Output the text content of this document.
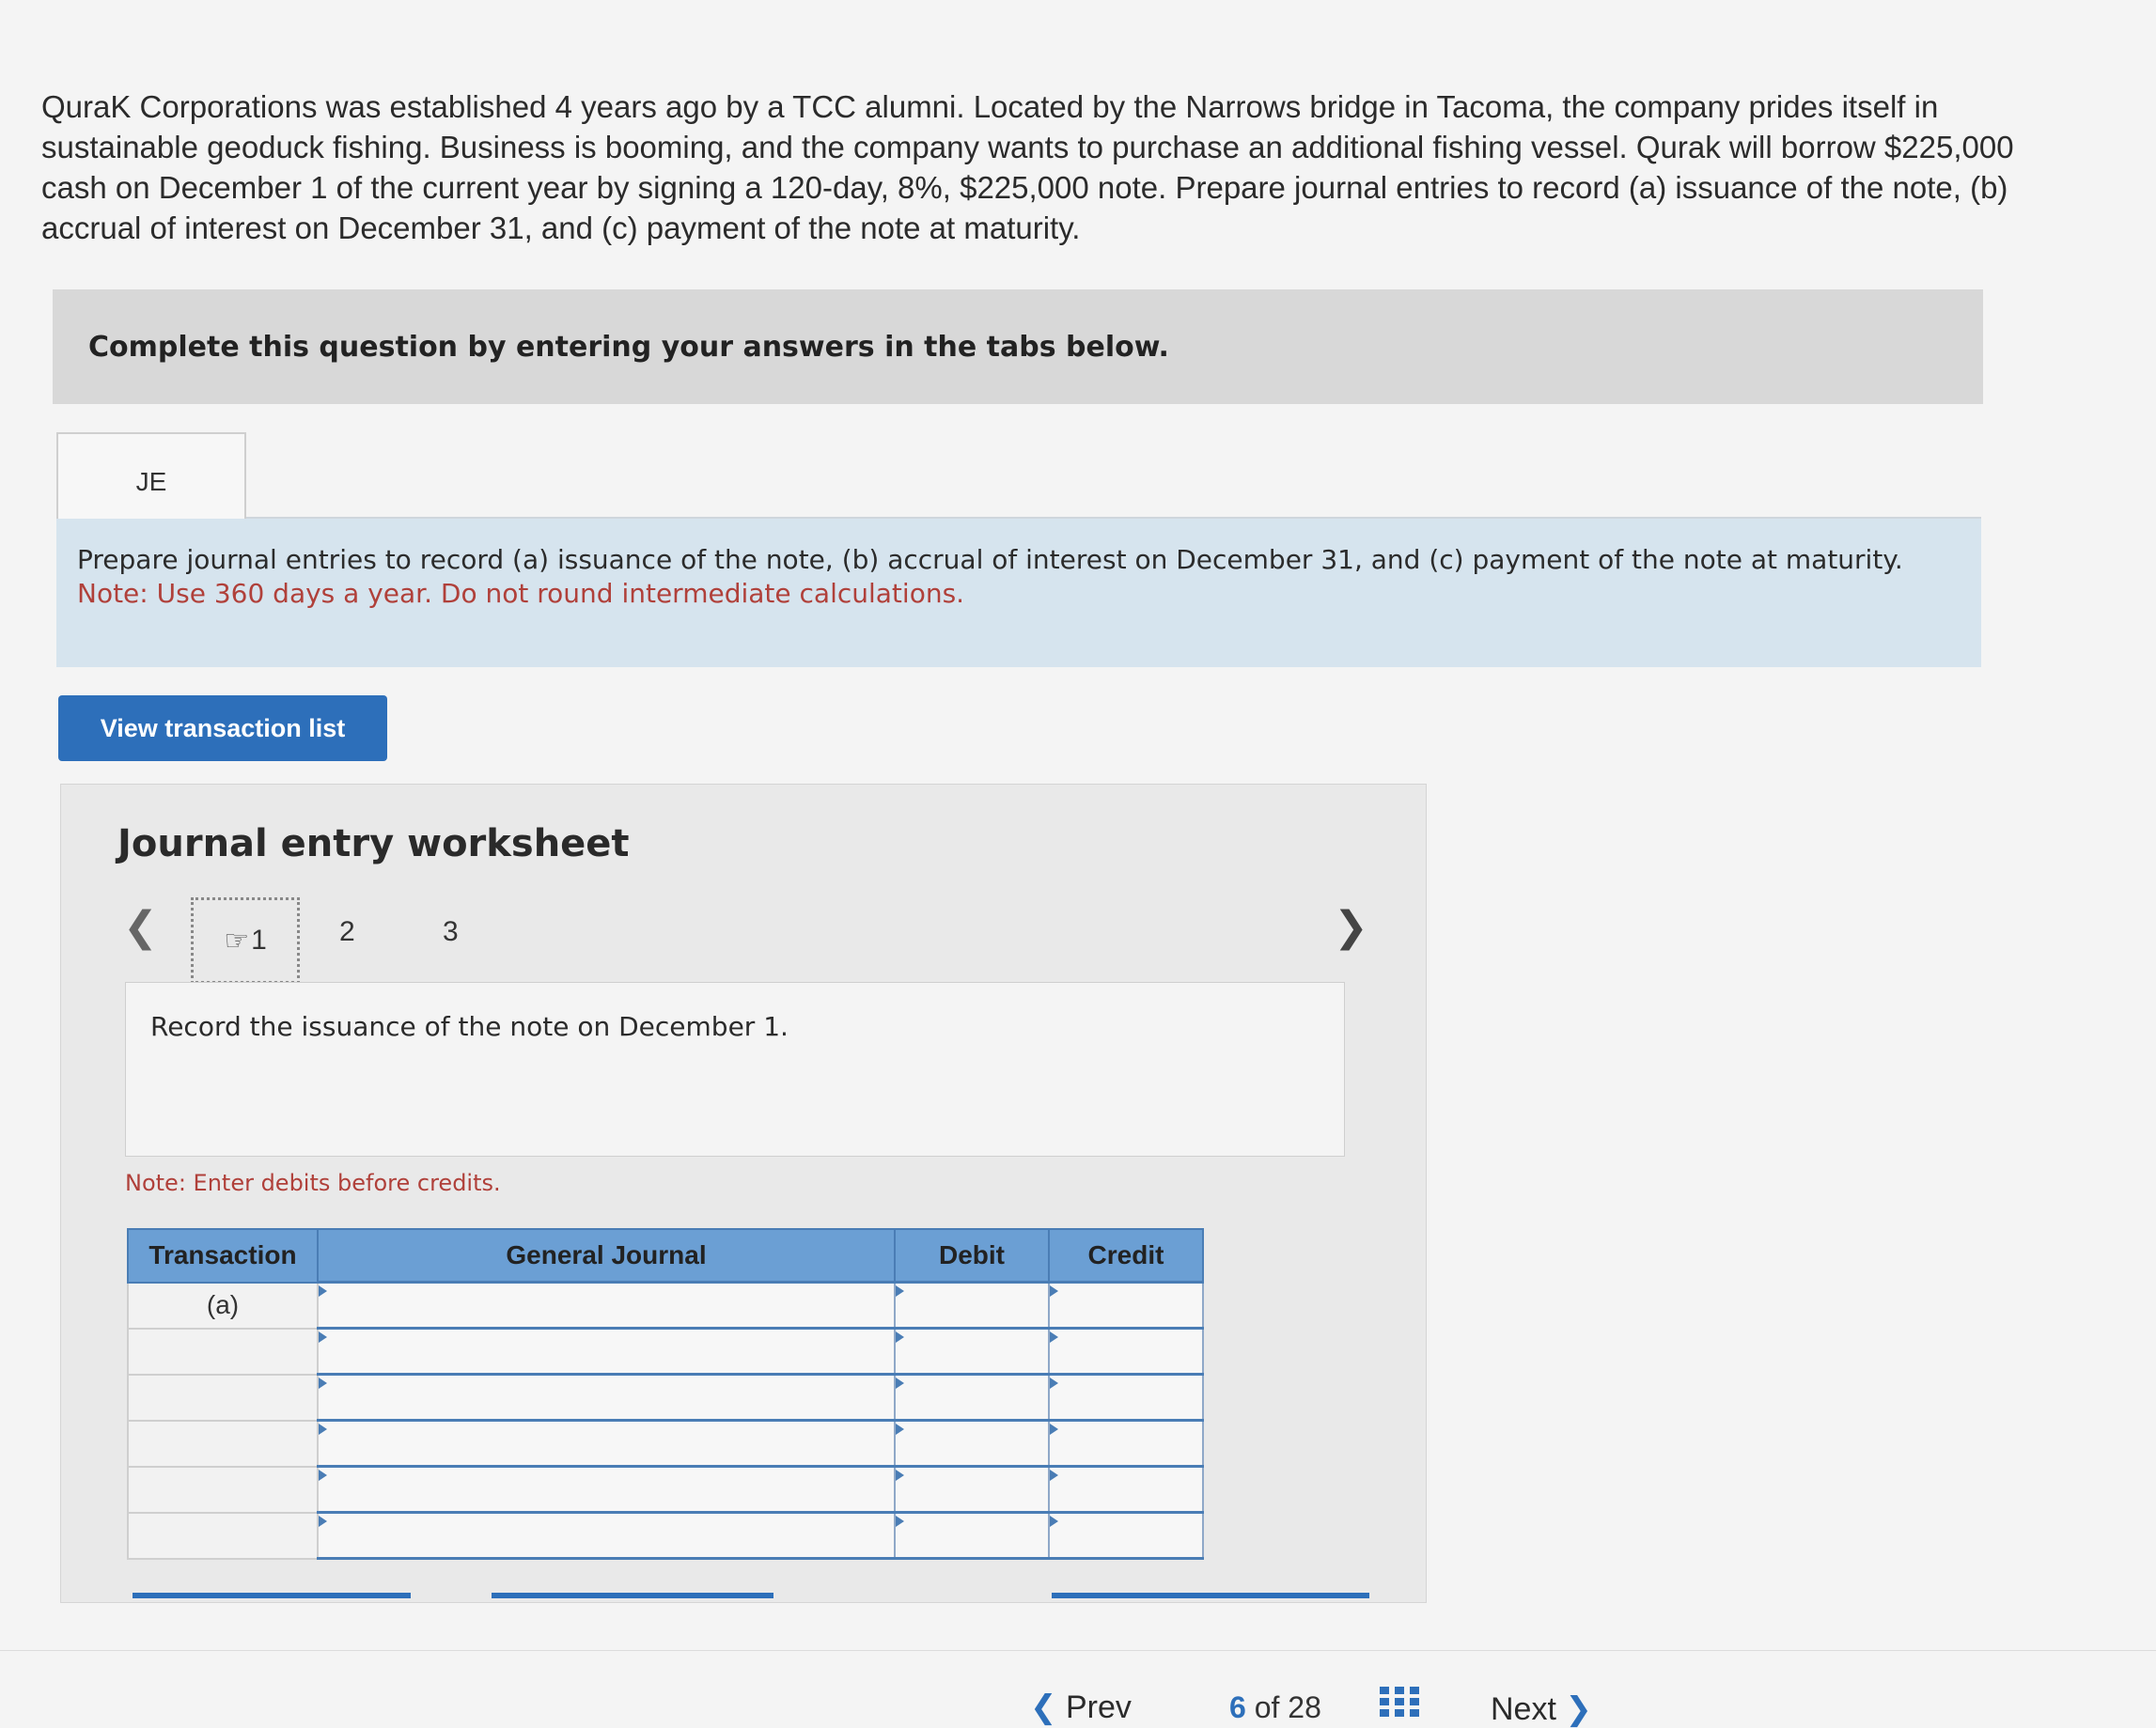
QuraK Corporations was established 4 years ago by a TCC alumni. Located by the Narrows bridge in Tacoma, the company prides itself in sustainable geoduck fishing. Business is booming, and the company wants to purchase an additional fishing vessel. Qurak will borrow $225,000 cash on December 1 of the current year by signing a 120-day, 8%, $225,000 note. Prepare journal entries to record (a) issuance of the note, (b) accrual of interest on December 31, and (c) payment of the note at maturity.
Complete this question by entering your answers in the tabs below.
JE
Prepare journal entries to record (a) issuance of the note, (b) accrual of interest on December 31, and (c) payment of the note at maturity.
Note: Use 360 days a year. Do not round intermediate calculations.
View transaction list
Journal entry worksheet
❮ ☞ 1	2	3	❯
Record the issuance of the note on December 1.
Note: Enter debits before credits.
Transaction	General Journal	Debit	Credit
(a)			

❮ Prev	6 of 28	Next ❯
